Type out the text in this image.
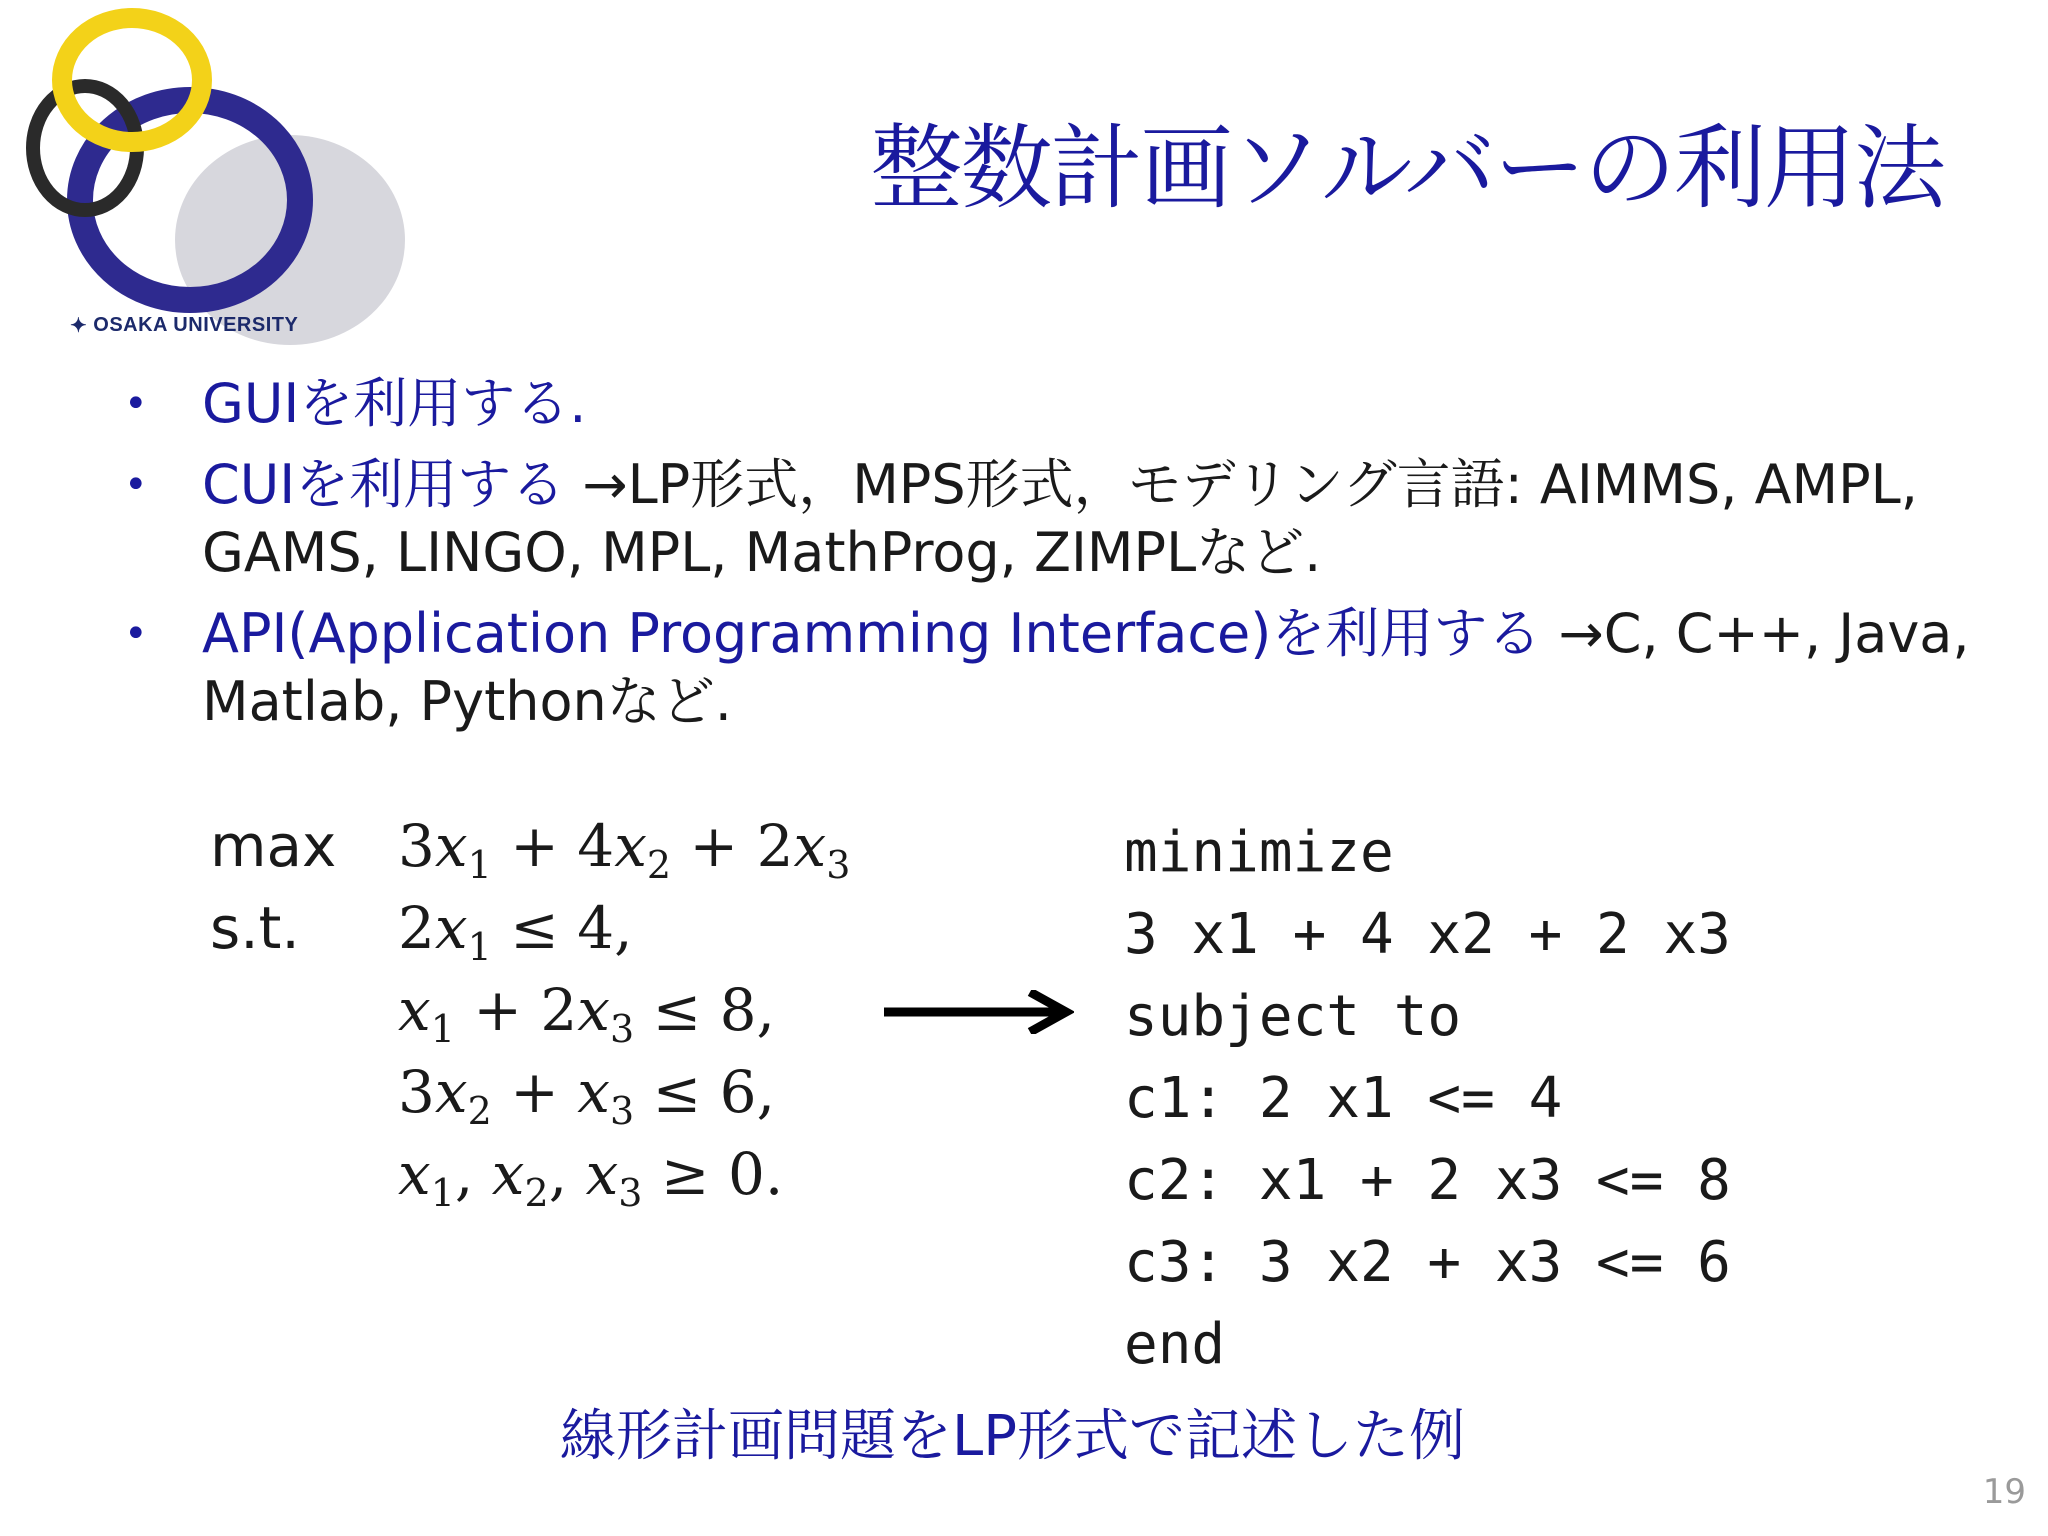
✦ OSAKA UNIVERSITY
整数計画ソルバーの利用法
• GUIを利用する.
• CUIを利用する →LP形式，MPS形式，モデリング言語: AIMMS, AMPL, GAMS, LINGO, MPL, MathProg, ZIMPLなど.
• API(Application Programming Interface)を利用する →C, C++, Java, Matlab, Pythonなど.
max
s.t.
$3x_1 + 4x_2 + 2x_3$
$2x_1 \le 4$,
$x_1 + 2x_3 \le 8$,
$3x_2 + x_3 \le 6$,
$x_1$, $x_2$, $x_3 \ge 0$.
minimize
3 x1 + 4 x2 + 2 x3
subject to
c1: 2 x1 <= 4
c2: x1 + 2 x3 <= 8
c3: 3 x2 + x3 <= 6
end
線形計画問題をLP形式で記述した例
19
